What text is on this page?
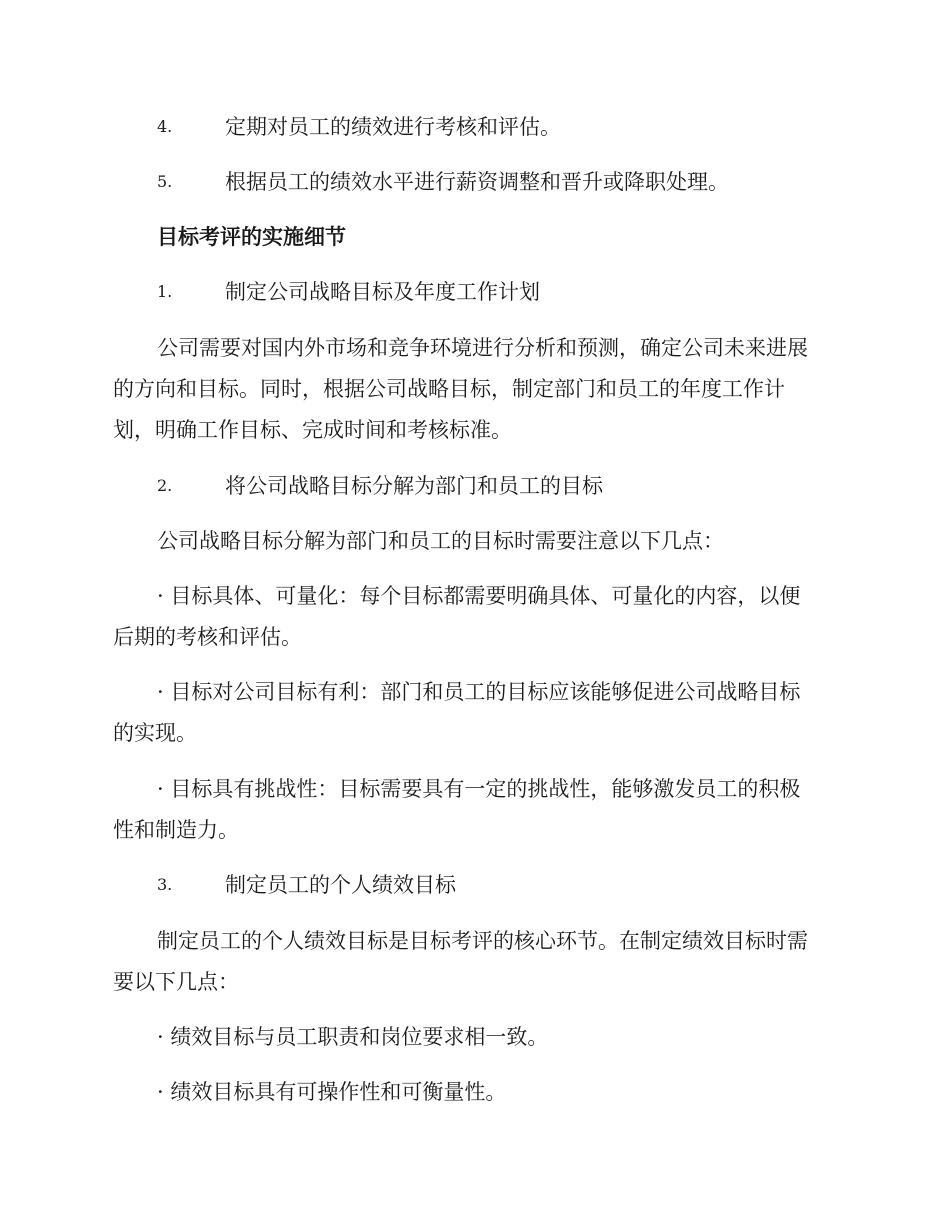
4.	定期对员工的绩效进行考核和评估。
5.	根据员工的绩效水平进行薪资调整和晋升或降职处理。
目标考评的实施细节
1.	制定公司战略目标及年度工作计划
公司需要对国内外市场和竞争环境进行分析和预测，确定公司未来进展
的方向和目标。同时，根据公司战略目标，制定部门和员工的年度工作计
划，明确工作目标、完成时间和考核标准。
2.	将公司战略目标分解为部门和员工的目标
公司战略目标分解为部门和员工的目标时需要注意以下几点：
· 目标具体、可量化：每个目标都需要明确具体、可量化的内容，以便
后期的考核和评估。
· 目标对公司目标有利：部门和员工的目标应该能够促进公司战略目标
的实现。
· 目标具有挑战性：目标需要具有一定的挑战性，能够激发员工的积极
性和制造力。
3.	制定员工的个人绩效目标
制定员工的个人绩效目标是目标考评的核心环节。在制定绩效目标时需
要以下几点：
· 绩效目标与员工职责和岗位要求相一致。
· 绩效目标具有可操作性和可衡量性。
